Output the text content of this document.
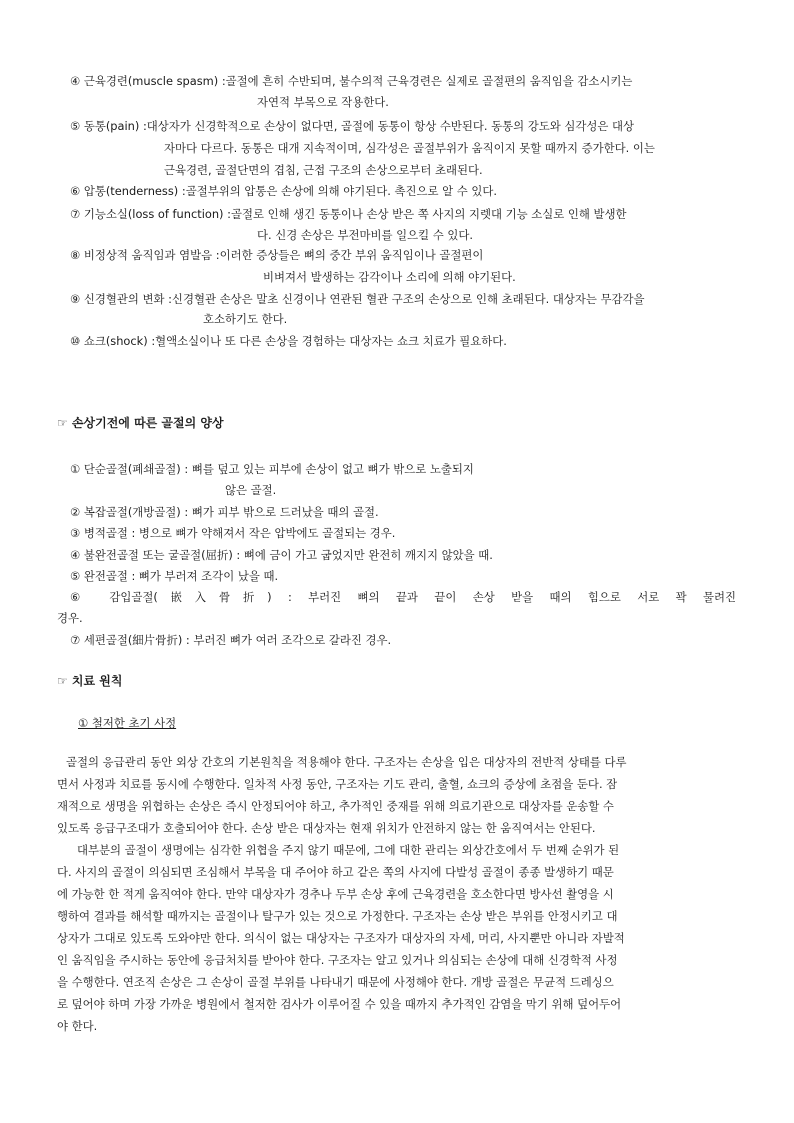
④ 근육경련(muscle spasm) :골절에 흔히 수반되며, 불수의적 근육경련은 실제로 골절편의 움직임을 감소시키는
자연적 부목으로 작용한다.
⑤ 동통(pain) :대상자가 신경학적으로 손상이 없다면, 골절에 동통이 항상 수반된다. 동통의 강도와 심각성은 대상
자마다 다르다. 동통은 대개 지속적이며, 심각성은 골절부위가 움직이지 못할 때까지 증가한다. 이는
근육경련, 골절단면의 겹침, 근접 구조의 손상으로부터 초래된다.
⑥ 압통(tenderness) :골절부위의 압통은 손상에 의해 야기된다. 촉진으로 알 수 있다.
⑦ 기능소실(loss of function) :골절로 인해 생긴 동통이나 손상 받은 쪽 사지의 지렛대 기능 소실로 인해 발생한
다. 신경 손상은 부전마비를 일으킬 수 있다.
⑧ 비정상적 움직임과 염발음 :이러한 증상들은 뼈의 중간 부위 움직임이나 골절편이
비벼져서 발생하는 감각이나 소리에 의해 야기된다.
⑨ 신경혈관의 변화 :신경혈관 손상은 말초 신경이나 연관된 혈관 구조의 손상으로 인해 초래된다. 대상자는 무감각을
호소하기도 한다.
⑩ 쇼크(shock) :혈액소실이나 또 다른 손상을 경험하는 대상자는 쇼크 치료가 필요하다.
☞ 손상기전에 따른 골절의 양상
① 단순골절(폐쇄골절) : 뼈를 덮고 있는 피부에 손상이 없고 뼈가 밖으로 노출되지
않은 골절.
② 복잡골절(개방골절) : 뼈가 피부 밖으로 드러났을 때의 골절.
③ 병적골절 : 병으로 뼈가 약해져서 작은 압박에도 골절되는 경우.
④ 불완전골절 또는 굴골절(屈折) : 뼈에 금이 가고 굽었지만 완전히 깨지지 않았을 때.
⑤ 완전골절 : 뼈가 부러져 조각이 났을 때.
⑥ 감입골절(嵌入骨折) : 부러진 뼈의 끝과 끝이 손상 받을 때의 힘으로 서로 꽉 물려진
경우.
⑦ 세편골절(細片骨折) : 부러진 뼈가 여러 조각으로 갈라진 경우.
☞ 치료 원칙
① 철저한 초기 사정
골절의 응급관리 동안 외상 간호의 기본원칙을 적용해야 한다. 구조자는 손상을 입은 대상자의 전반적 상태를 다루
면서 사정과 치료를 동시에 수행한다. 일차적 사정 동안, 구조자는 기도 관리, 출혈, 쇼크의 증상에 초점을 둔다. 잠
재적으로 생명을 위협하는 손상은 즉시 안정되어야 하고, 추가적인 중재를 위해 의료기관으로 대상자를 운송할 수
있도록 응급구조대가 호출되어야 한다. 손상 받은 대상자는 현재 위치가 안전하지 않는 한 움직여서는 안된다.
대부분의 골절이 생명에는 심각한 위협을 주지 않기 때문에, 그에 대한 관리는 외상간호에서 두 번째 순위가 된
다. 사지의 골절이 의심되면 조심해서 부목을 대 주어야 하고 같은 쪽의 사지에 다발성 골절이 종종 발생하기 때문
에 가능한 한 적게 움직여야 한다. 만약 대상자가 경추나 두부 손상 후에 근육경련을 호소한다면 방사선 촬영을 시
행하여 결과를 해석할 때까지는 골절이나 탈구가 있는 것으로 가정한다. 구조자는 손상 받은 부위를 안정시키고 대
상자가 그대로 있도록 도와야만 한다. 의식이 없는 대상자는 구조자가 대상자의 자세, 머리, 사지뿐만 아니라 자발적
인 움직임을 주시하는 동안에 응급처치를 받아야 한다. 구조자는 알고 있거나 의심되는 손상에 대해 신경학적 사정
을 수행한다. 연조직 손상은 그 손상이 골절 부위를 나타내기 때문에 사정해야 한다. 개방 골절은 무균적 드레싱으
로 덮어야 하며 가장 가까운 병원에서 철저한 검사가 이루어질 수 있을 때까지 추가적인 감염을 막기 위해 덮어두어
야 한다.
